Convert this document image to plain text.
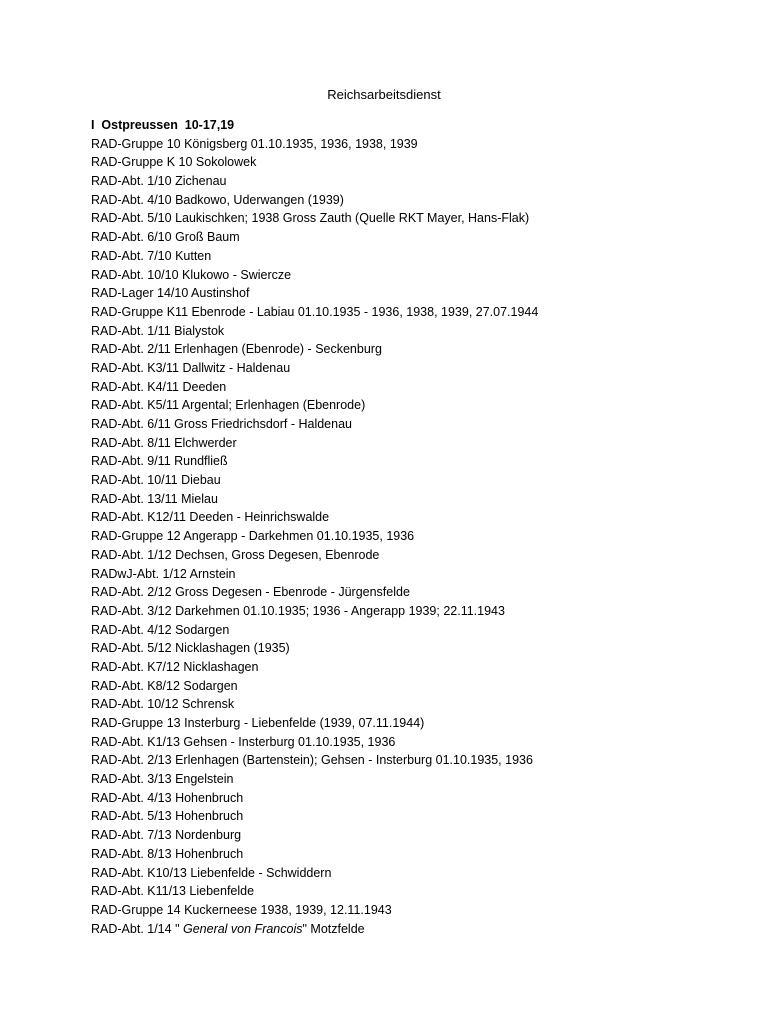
Reichsarbeitsdienst
I  Ostpreussen  10-17,19
RAD-Gruppe 10 Königsberg 01.10.1935, 1936, 1938, 1939
RAD-Gruppe K 10 Sokolowek
RAD-Abt. 1/10 Zichenau
RAD-Abt. 4/10 Badkowo, Uderwangen (1939)
RAD-Abt. 5/10 Laukischken; 1938 Gross Zauth (Quelle RKT Mayer, Hans-Flak)
RAD-Abt. 6/10 Groß Baum
RAD-Abt. 7/10 Kutten
RAD-Abt. 10/10 Klukowo - Swiercze
RAD-Lager 14/10 Austinshof
RAD-Gruppe K11 Ebenrode - Labiau 01.10.1935 - 1936, 1938, 1939, 27.07.1944
RAD-Abt. 1/11 Bialystok
RAD-Abt. 2/11 Erlenhagen (Ebenrode) - Seckenburg
RAD-Abt. K3/11 Dallwitz - Haldenau
RAD-Abt. K4/11 Deeden
RAD-Abt. K5/11 Argental; Erlenhagen (Ebenrode)
RAD-Abt. 6/11 Gross Friedrichsdorf - Haldenau
RAD-Abt. 8/11 Elchwerder
RAD-Abt. 9/11 Rundfließ
RAD-Abt. 10/11 Diebau
RAD-Abt. 13/11 Mielau
RAD-Abt. K12/11 Deeden - Heinrichswalde
RAD-Gruppe 12 Angerapp - Darkehmen 01.10.1935, 1936
RAD-Abt. 1/12 Dechsen, Gross Degesen, Ebenrode
RADwJ-Abt. 1/12 Arnstein
RAD-Abt. 2/12 Gross Degesen - Ebenrode - Jürgensfelde
RAD-Abt. 3/12 Darkehmen 01.10.1935; 1936 - Angerapp 1939; 22.11.1943
RAD-Abt. 4/12 Sodargen
RAD-Abt. 5/12 Nicklashagen (1935)
RAD-Abt. K7/12 Nicklashagen
RAD-Abt. K8/12 Sodargen
RAD-Abt. 10/12 Schrensk
RAD-Gruppe 13 Insterburg - Liebenfelde (1939, 07.11.1944)
RAD-Abt. K1/13 Gehsen - Insterburg 01.10.1935, 1936
RAD-Abt. 2/13 Erlenhagen (Bartenstein); Gehsen - Insterburg 01.10.1935, 1936
RAD-Abt. 3/13 Engelstein
RAD-Abt. 4/13 Hohenbruch
RAD-Abt. 5/13 Hohenbruch
RAD-Abt. 7/13 Nordenburg
RAD-Abt. 8/13 Hohenbruch
RAD-Abt. K10/13 Liebenfelde - Schwiddern
RAD-Abt. K11/13 Liebenfelde
RAD-Gruppe 14 Kuckerneese 1938, 1939, 12.11.1943
RAD-Abt. 1/14 " General von Francois" Motzfelde
